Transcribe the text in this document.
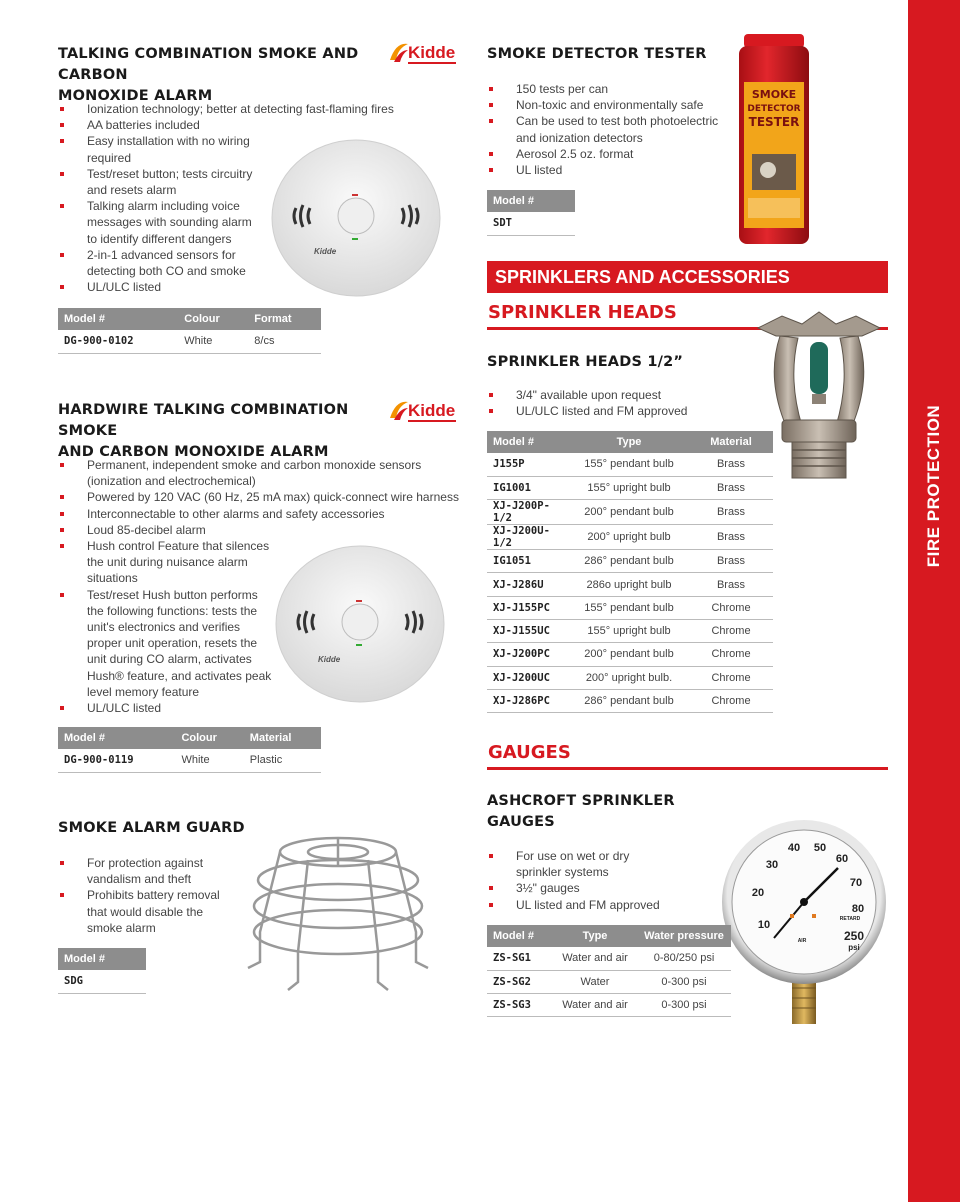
FIRE PROTECTION
TALKING COMBINATION SMOKE AND CARBON
MONOXIDE ALARM
Kidde
Ionization technology; better at detecting fast-flaming fires
AA batteries included
Easy installation with no wiring required
Test/reset button; tests circuitry and resets alarm
Talking alarm including voice messages with sounding alarm to identify different dangers
2-in-1 advanced sensors for detecting both CO and smoke
UL/ULC listed
Kidde
Model #	Colour	Format
DG-900-0102	White	8/cs
HARDWIRE TALKING COMBINATION SMOKE
AND CARBON MONOXIDE ALARM
Kidde
Permanent, independent smoke and carbon monoxide sensors (ionization and electrochemical)
Powered by 120 VAC (60 Hz, 25 mA max) quick-connect wire harness
Interconnectable to other alarms and safety accessories
Loud 85-decibel alarm
Hush control Feature that silences the unit during nuisance alarm situations
Test/reset Hush button performs the following functions: tests the unit's electronics and verifies proper unit operation, resets the unit during CO alarm, activates Hush® feature, and activates peak level memory feature
UL/ULC listed
Kidde
Model #	Colour	Material
DG-900-0119	White	Plastic
SMOKE ALARM GUARD
For protection against vandalism and theft
Prohibits battery removal that would disable the smoke alarm
Model #
SDG
SMOKE DETECTOR TESTER
150 tests per can
Non-toxic and environmentally safe
Can be used to test both photoelectric and ionization detectors
Aerosol 2.5 oz. format
UL listed
SMOKE
DETECTOR
TESTER
Model #
SDT
SPRINKLERS AND ACCESSORIES
SPRINKLER HEADS
SPRINKLER HEADS 1/2”
3/4" available upon request
UL/ULC listed and FM approved
Model #	Type	Material
J155P	155° pendant bulb	Brass
IG1001	155° upright bulb	Brass
XJ-J200P-1/2	200° pendant bulb	Brass
XJ-J200U-1/2	200° upright bulb	Brass
IG1051	286° pendant bulb	Brass
XJ-J286U	286o upright bulb	Brass
XJ-J155PC	155° pendant bulb	Chrome
XJ-J155UC	155° upright bulb	Chrome
XJ-J200PC	200° pendant bulb	Chrome
XJ-J200UC	200° upright bulb.	Chrome
XJ-J286PC	286° pendant bulb	Chrome
GAUGES
ASHCROFT SPRINKLER
GAUGES
For use on wet or dry sprinkler systems
3½" gauges
UL listed and FM approved
10
20
30
40 50
60
70
80
250
psi
RETARD
AIR
Model #	Type	Water pressure
ZS-SG1	Water and air	0-80/250 psi
ZS-SG2	Water	0-300 psi
ZS-SG3	Water and air	0-300 psi
